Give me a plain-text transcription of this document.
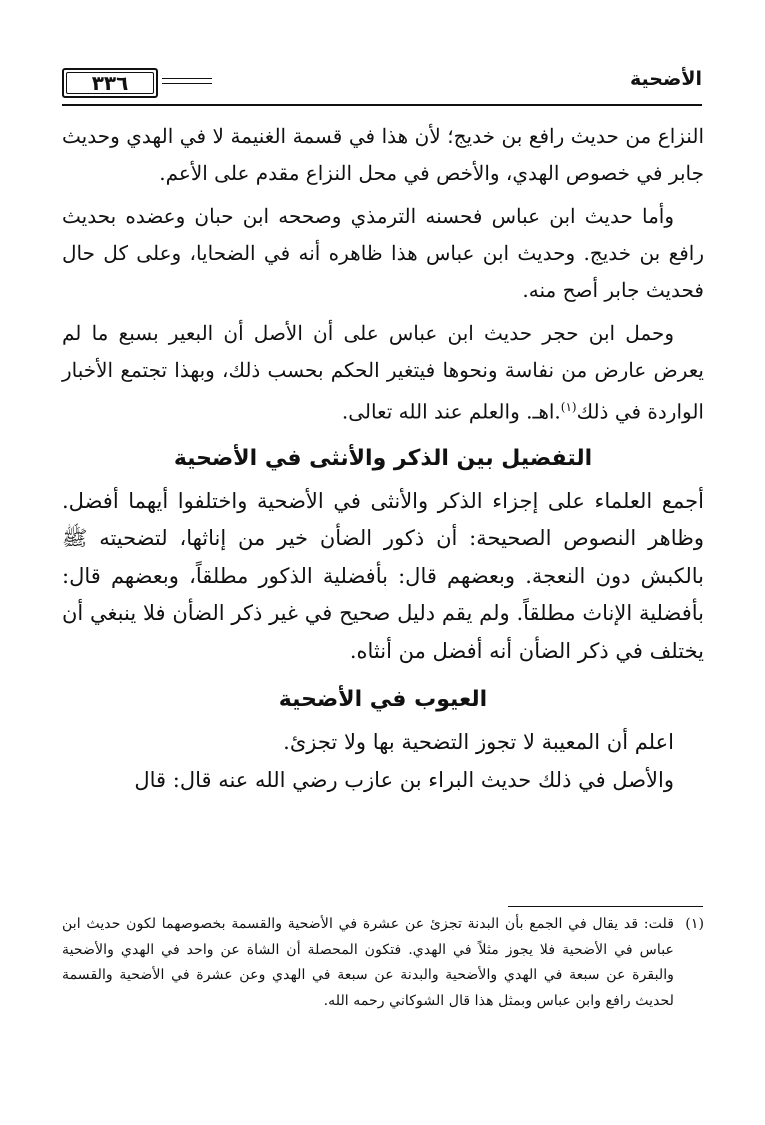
الأضحية
٣٣٦

النزاع من حديث رافع بن خديج؛ لأن هذا في قسمة الغنيمة لا في الهدي وحديث جابر في خصوص الهدي، والأخص في محل النزاع مقدم على الأعم.

وأما حديث ابن عباس فحسنه الترمذي وصححه ابن حبان وعضده بحديث رافع بن خديج. وحديث ابن عباس هذا ظاهره أنه في الضحايا، وعلى كل حال فحديث جابر أصح منه.

وحمل ابن حجر حديث ابن عباس على أن الأصل أن البعير بسبع ما لم يعرض عارض من نفاسة ونحوها فيتغير الحكم بحسب ذلك، وبهذا تجتمع الأخبار الواردة في ذلك$^{(١)}$.اهـ. والعلم عند الله تعالى.

التفضيل بين الذكر والأنثى في الأضحية

أجمع العلماء على إجزاء الذكر والأنثى في الأضحية واختلفوا أيهما أفضل. وظاهر النصوص الصحيحة: أن ذكور الضأن خير من إناثها، لتضحيته ﷺ بالكبش دون النعجة. وبعضهم قال: بأفضلية الذكور مطلقاً، وبعضهم قال: بأفضلية الإناث مطلقاً. ولم يقم دليل صحيح في غير ذكر الضأن فلا ينبغي أن يختلف في ذكر الضأن أنه أفضل من أنثاه.

العيوب في الأضحية

اعلم أن المعيبة لا تجوز التضحية بها ولا تجزئ.

والأصل في ذلك حديث البراء بن عازب رضي الله عنه قال: قال

(١)
قلت: قد يقال في الجمع بأن البدنة تجزئ عن عشرة في الأضحية والقسمة بخصوصهما لكون حديث ابن عباس في الأضحية فلا يجوز مثلاً في الهدي. فتكون المحصلة أن الشاة عن واحد في الهدي والأضحية والبقرة عن سبعة في الهدي والأضحية والبدنة عن سبعة في الهدي وعن عشرة في الأضحية والقسمة لحديث رافع وابن عباس وبمثل هذا قال الشوكاني رحمه الله.
